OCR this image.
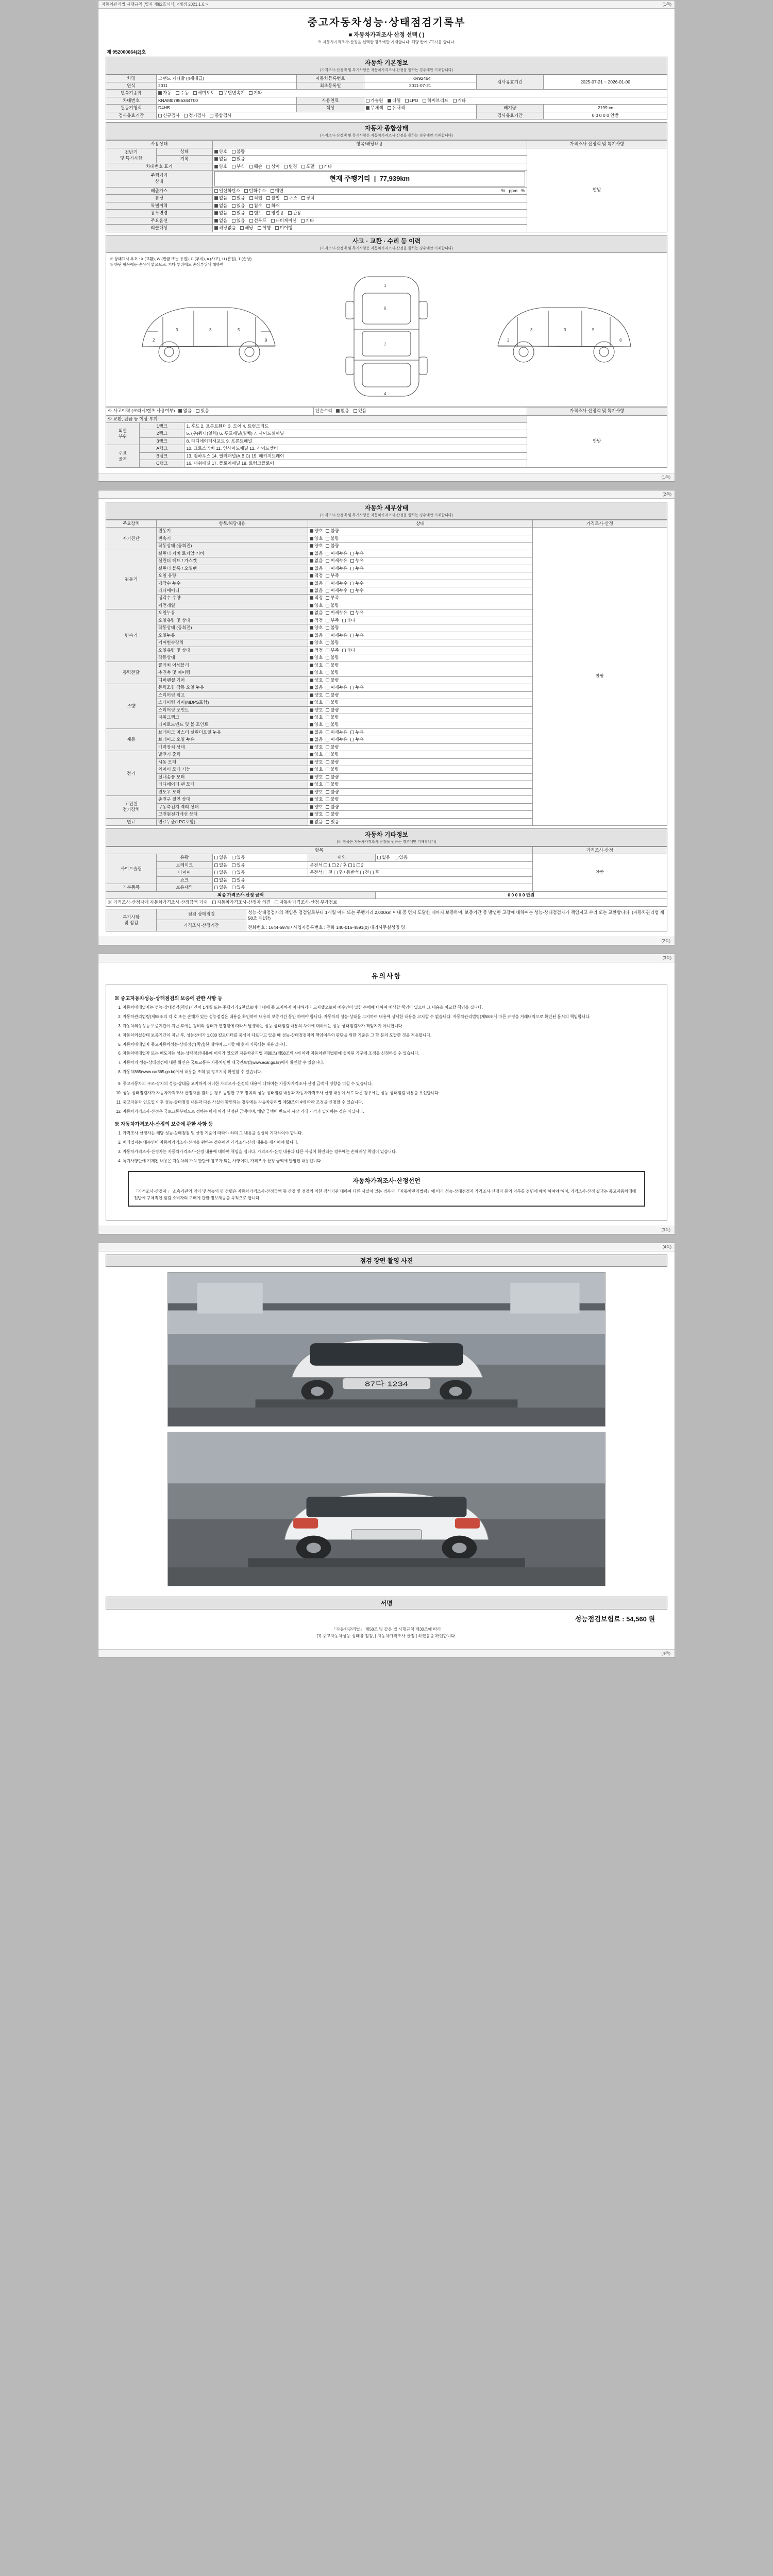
자동차관리법 시행규칙 [별지 제82호서식] <개정 2021.1.6.>	(1쪽)
중고자동차성능·상태점검기록부
■ 자동차가격조사·산정 선택 ( )
※ 자동차가격조사·산정을 선택한 경우에만 기재합니다. 해당 칸에 √표시를 합니다.
제 952000664(2)호
자동차 기본정보
(가격조사·산정액 및 특기사항은 자동차가격조사·산정을 원하는 경우에만 기재합니다)
차명	그랜드 카니발 (4세대급)	자동차등록번호	TKR92464	검사유효기간	2025-07-21 ~ 2026-01-00
연식	2011	최초등록일	2011-07-21		
변속기종류	자동 수동 세미오토 무단변속기 기타				
차대번호	KNAM07886344T00	사용연료	가솔린 디젤 LPG 하이브리드 기타		
원동기형식	D4HB	색상	무채색 유채색	배기량	2199 cc
검사유효기간	신규검사 정기검사 종합검사			검사유효기간	0 0 0 0 0 안받
자동차 종합상태
(가격조사·산정액 및 특기사항은 자동차가격조사·산정을 원하는 경우에만 기재합니다)
사용상태		항목/해당내용	가격조사·산정액 및 특기사항
전반기
및 특기사항	상태	양호 불량	안받
	기록	없음 있음	
차대번호 표기		양호 부식 훼손 상이 변경 도말 기타	
주행거리
상태		현재 주행거리  |  77,939km	

배출가스		일산화탄소 탄화수소 매연 %   ppm   %	

튜닝		없음 있음 적법 불법 구조 장치	
특별이력		없음 있음 침수 화재	
용도변경		없음 있음 렌트 영업용 관용	
주요옵션		없음 있음 선루프 내비게이션 기타	
리콜대상		해당없음 해당 이행 미이행	
사고 · 교환 · 수리 등 이력
(가격조사·산정액 및 특기사항은 자동차가격조사·산정을 원하는 경우에만 기재합니다)
※ 상태표시 부호 : X (교환), W (판금 또는 용접), C (부식), A (사고), U (흠집), T (손상)
※ 하단 항목에는 손상이 없으므로, 기타 부위에도 손상부위에 대하여
3	3	5
2	9
1
4
6
7
3	3	5
2	8
※ 사고이력 (크라시/랜츠 사용여부) 없음 있음	단순수리 없음 있음	가격조사·산정액 및 특기사항
※ 교환, 판금 등 이상 부위			안받
외판
부위	1랭크	1. 후드 2. 프론트휀더 3. 도어 4. 트렁크리드	
	2랭크	5. (우)쿼터(일체) 6. 루프패널(일체) 7. 사이드실패널	
	3랭크	8. 라디에이터서포트 9. 프론트패널	
주요
골격	A랭크	10. 크로스멤버 11. 인사이드패널 12. 사이드멤버	
	B랭크	13. 휠하우스 14. 필러패널(A,B,C) 15. 패키지트레이	
	C랭크	16. 대쉬패널 17. 플로어패널 18. 트렁크플로어	
(1쪽)
(2쪽)
자동차 세부상태
(가격조사·산정액 및 특기사항은 자동차가격조사·산정을 원하는 경우에만 기재합니다)
주요장치	항목/해당내용	상태	가격조사·산정
자기진단	원동기	양호 불량	안받
	변속기	양호 불량	
	작동상태 (공회전)	양호 불량	
원동기	실린더 커버 로커암 커버	없음 미세누유 누유	
	실린더 헤드 / 가스켓	없음 미세누유 누유	
	실린더 블록 / 오일팬	없음 미세누유 누유	
	오일 유량	적정 부족	
	냉각수 누수	없음 미세누수 누수	
	라디에이터	없음 미세누수 누수	
	냉각수 수량	적정 부족	
	커먼레일	양호 불량	
변속기	오일누유	없음 미세누유 누유	
	오일유량 및 상태	적정 부족 과다	
	작동상태 (공회전)	양호 불량	
	오일누유	없음 미세누유 누유	
	기어변속장치	양호 불량	
	오일유량 및 상태	적정 부족 과다	
	작동상태	양호 불량	
동력전달	클러치 어셈블리	양호 불량	
	추진축 및 베어링	양호 불량	
	디퍼렌셜 기어	양호 불량	
조향	동력조향 작동 오일 누유	없음 미세누유 누유	
	스티어링 펌프	양호 불량	
	스티어링 기어(MDPS포함)	양호 불량	
	스티어링 조인트	양호 불량	
	파워크랭크	양호 불량	
	타이로드엔드 및 볼 조인트	양호 불량	
제동	브레이크 마스터 실린더오일 누유	없음 미세누유 누유	
	브레이크 오일 누유	없음 미세누유 누유	
	배력장치 상태	양호 불량	
전기	발전기 출력	양호 불량	
	시동 모터	양호 불량	
	와이퍼 모터 기능	양호 불량	
	실내송풍 모터	양호 불량	
	라디에이터 팬 모터	양호 불량	
	윈도우 모터	양호 불량	
고전원
전기장치	충전구 절연 상태	양호 불량	
	구동축전지 격리 상태	양호 불량	
	고전원전기배선 상태	양호 불량	
연료	연료누출(LPG포함)	없음 있음	
자동차 기타정보
(※ 항목은 자동차가격조사·산정을 원하는 경우에만 기재합니다)
항목					가격조사·산정
사이드슬립	유광	없음 있음	내외	없음 있음	안받
	브레이크	없음 있음	운전석 1 2 / 후 1 2		
	타이어	없음 있음	운전석 전 후 / 동반석 전 후		
	쇼크	없음 있음			
기본품목	보유내역	없음 있음			
최종 가격조사·산정 금액				0 0 0 0 0 만원	
※ 가격조사·산정자에 자동차가격조사·산정금액 기재 자동차가격조사·산정자 의견 자동차가격조사·산정 부가정보					
특기사항
및 점검	점검·상태점검	성능·상태점검자의 책임은 점검일로부터 1개월 이내 또는 주행거리 2,000km 이내 중 먼저 도달한 때까지 보증하며, 보증기간 중 발생한 고장에 대하여는 성능·상태점검자가 책임지고 수리 또는 교환합니다. (자동차관리법 제58조 제1항)
전화번호 : 1644-5978 / 사업자등록번호 : 전화 140-016-4591(0) 대리사무실성명 명

가격조사·산정기간
(2쪽)
(3쪽)
유의사항
※ 중고자동차성능·상태점검의 보증에 관한 사항 등
1. 자동차매매업자는 성능·상태점검(책임)기간이 1개월 또는 주행거리 2천킬로미터 내에 중 고지하지 아니하거나 고지했으로써 매수인이 입힌 손해에 대하여 배상할 책임이 있으며 그 내용을 비교할 책임을 집니다.
2. 자동차관리법령(제58조의 각 호 또는 손해가 있는 성능점검은 내용을 확인하여 내용의 보증기간 동안 하여야 합니다. 자동차의 성능·상태를 고지하여 내용에 상세한 내용을 고지할 수 없습니다. 자동차관리법령(제58조에 따른 규정을 거래내역으로 확인된 문서의 책임합니다.
3. 자동차의상성능 보증기간이 지난 후에는 장비의 상태가 변경됨에 따라서 발생하는 성능·상태점검 내용의 차이에 대하여는 성능·상태점검자가 책임지지 아니합니다.
4. 자동차의실상태 보증기간이 지난 후, 성능장비가 1,000 킬로미터를 중심이 다르다고 있을 때 성능·상태점검자의 책임여부의 판단을 위한 기준은 그 항 분의 도달한 것을 적용합니다.
5. 자동차매매업자 중고자동차성능·상태점검(책임)한 대하여 고지할 때 현재 기록되는 내용입니다.
6. 자동차매매업자 또는 매도자는 성능·상태점검내용에 이의가 있으면 자동차관리법 제80조(제58조의 4에 따라 자동차관리법령에 설치된 기구에 조정을 신청하실 수 있습니다.
7. 자동차의 성능·상태점검에 대한 확인은 국토교통부 자동차민원 대국민포털(www.ecar.go.kr)에서 확인할 수 있습니다.
8. 자동차365(www.car365.go.kr)에서 내용을 조회 및 정보기록 확인할 수 있습니다.
9. 중고자동차의 구조·장치의 성능·상태를 고지하지 아니한 가격조사·산정의 내용에 대하여는 자동차가격조사·산정 금액에 영향을 미칠 수 있습니다.
10. 성능·상태점검자가 자동차가격조사·산정자를 겸하는 경우 동일한 구조·장치의 성능·상태점검 내용과 자동차가격조사·산정 내용이 서로 다른 경우에는 성능·상태점검 내용을 우선합니다.
11. 중고자동차 인도일 이후 성능·상태점검 내용과 다른 사실이 확인되는 경우에는 자동차관리법 제58조의 4에 따라 조정을 신청할 수 있습니다.
12. 자동차가격조사·산정은 국토교통부령으로 정하는 바에 따라 산정된 금액이며, 해당 금액이 반드시 시장 거래 가격과 일치하는 것은 아닙니다.
※ 자동차가격조사·산정의 보증에 관한 사항 등
1. 가격조사·산정자는 해당 성능·상태점검 및 산정 기준에 따라야 하며 그 내용을 성실히 기재하여야 합니다.
2. 매매업자는 매수인이 자동차가격조사·산정을 원하는 경우에만 가격조사·산정 내용을 제시해야 합니다.
3. 자동차가격조사·산정자는 자동차가격조사·산정 내용에 대하여 책임을 집니다. 가격조사·산정 내용과 다른 사실이 확인되는 경우에는 손해배상 책임이 있습니다.
4. 특기사항란에 기재된 내용은 자동차의 가치 판단에 참고가 되는 사항이며, 가격조사·산정 금액에 반영된 내용입니다.
자동차가격조사·산정선언
「가격조사·산정자 」 소속기관의 명의 및 성능의 명 성명은 자동차가격조사·산정금액 등 산정 및 점검의 의한 검사기관 대하여 다른 사실이 있는 경우의 「자동차관리법령」에 따라 성능·상태점검자 가격조사·산정자 등의 의무를 전면에 배치 하여야 하며, 가격조사·산정 결과는 중고자동차매매 전반에 구체적인 점검 소비자의 구매에 관한 정보제공을 목적으로 합니다.
(3쪽)
(4쪽)
점검 장면 촬영 사진
87다 1234
서명
성능점검보험료 : 54,560 원
「자동차관리법」 제58조 및 같은 법 시행규칙 제30조에 따라
[1] 중고자동차성능·상태를 점검, [ 자동차가격조사·산정 ] 하였음을 확인합니다.
(4쪽)
